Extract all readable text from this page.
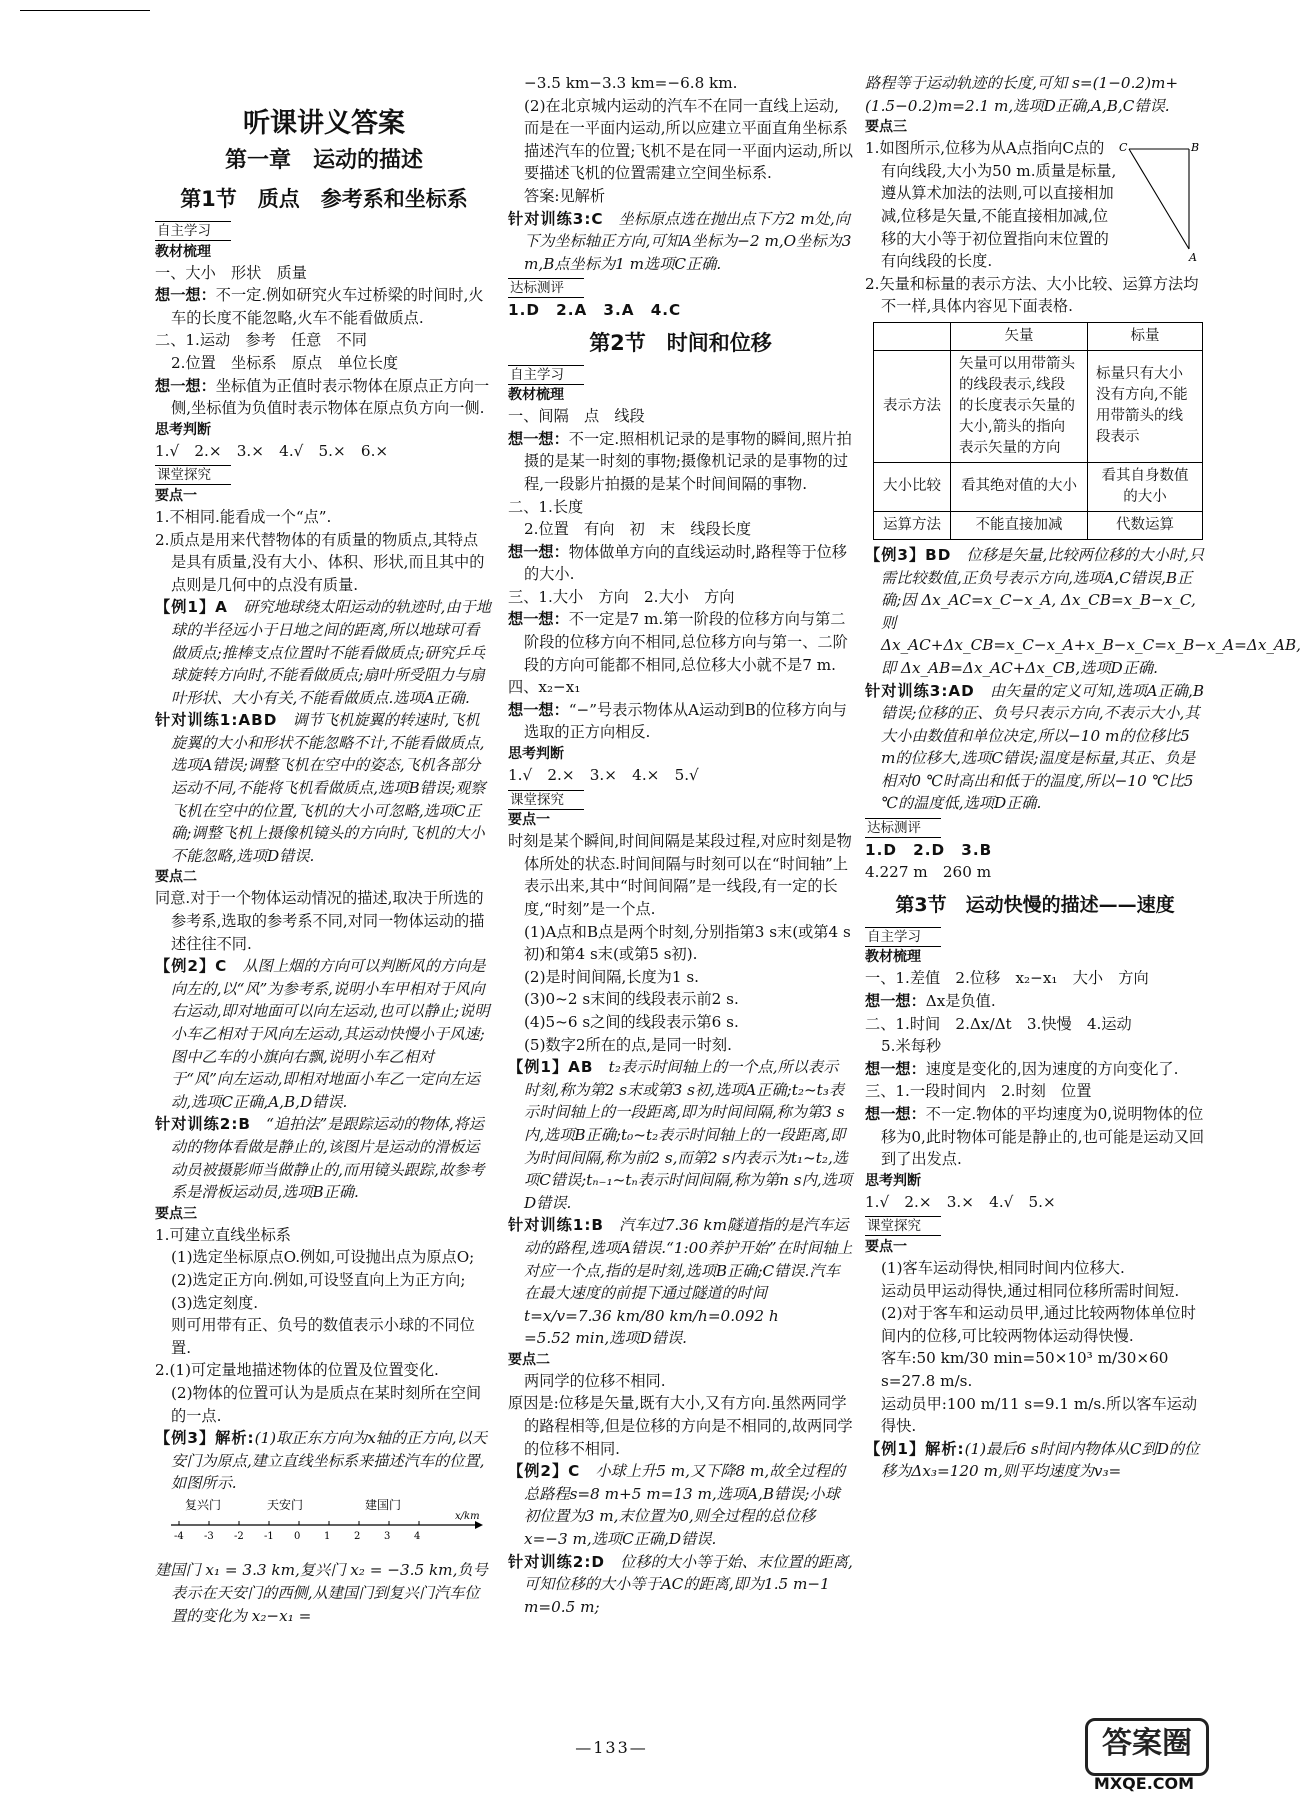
听课讲义答案

第一章　运动的描述

第1节　质点　参考系和坐标系

自主学习

教材梳理

一、大小　形状　质量

想一想：不一定.例如研究火车过桥梁的时间时,火车的长度不能忽略,火车不能看做质点.

二、1.运动　参考　任意　不同

2.位置　坐标系　原点　单位长度

想一想：坐标值为正值时表示物体在原点正方向一侧,坐标值为负值时表示物体在原点负方向一侧.

思考判断

1.√　2.×　3.×　4.√　5.×　6.×

课堂探究

要点一

1.不相同.能看成一个“点”.

2.质点是用来代替物体的有质量的物质点,其特点是具有质量,没有大小、体积、形状,而且其中的点则是几何中的点没有质量.

【例1】A　 研究地球绕太阳运动的轨迹时,由于地球的半径远小于日地之间的距离,所以地球可看做质点;推棒支点位置时不能看做质点;研究乒乓球旋转方向时,不能看做质点;扇叶所受阻力与扇叶形状、大小有关,不能看做质点.选项A正确.

针对训练1:ABD　 调节飞机旋翼的转速时,飞机旋翼的大小和形状不能忽略不计,不能看做质点,选项A错误;调整飞机在空中的姿态,飞机各部分运动不同,不能将飞机看做质点,选项B错误;观察飞机在空中的位置,飞机的大小可忽略,选项C正确;调整飞机上摄像机镜头的方向时,飞机的大小不能忽略,选项D错误.

要点二

同意.对于一个物体运动情况的描述,取决于所选的参考系,选取的参考系不同,对同一物体运动的描述往往不同.

【例2】C　 从图上烟的方向可以判断风的方向是向左的,以“风”为参考系,说明小车甲相对于风向右运动,即对地面可以向左运动,也可以静止;说明小车乙相对于风向左运动,其运动快慢小于风速;图中乙车的小旗向右飘,说明小车乙相对于“风”向左运动,即相对地面小车乙一定向左运动,选项C正确,A,B,D错误.

针对训练2:B　 “追拍法”是跟踪运动的物体,将运动的物体看做是静止的,该图片是运动的滑板运动员被摄影师当做静止的,而用镜头跟踪,故参考系是滑板运动员,选项B正确.

要点三

1.可建立直线坐标系

(1)选定坐标原点O.例如,可设抛出点为原点O;

(2)选定正方向.例如,可设竖直向上为正方向;

(3)选定刻度.

则可用带有正、负号的数值表示小球的不同位置.

2.(1)可定量地描述物体的位置及位置变化.

(2)物体的位置可认为是质点在某时刻所在空间的一点.

【例3】解析:(1)取正东方向为x轴的正方向,以天安门为原点,建立直线坐标系来描述汽车的位置,如图所示.

复兴门	天安门	建国门
-4 -3 -2 -1 0 1 2 3 4
x/km

建国门 x₁ = 3.3 km,复兴门 x₂ = −3.5 km,负号表示在天安门的西侧,从建国门到复兴门汽车位置的变化为 x₂−x₁ =

−3.5 km−3.3 km=−6.8 km.

(2)在北京城内运动的汽车不在同一直线上运动,而是在一平面内运动,所以应建立平面直角坐标系描述汽车的位置;飞机不是在同一平面内运动,所以要描述飞机的位置需建立空间坐标系.

答案:见解析

针对训练3:C　 坐标原点选在抛出点下方2 m处,向下为坐标轴正方向,可知A坐标为−2 m,O坐标为3 m,B点坐标为1 m选项C正确.

达标测评

1.D　2.A　3.A　4.C

第2节　时间和位移

自主学习

教材梳理

一、间隔　点　线段

想一想：不一定.照相机记录的是事物的瞬间,照片拍摄的是某一时刻的事物;摄像机记录的是事物的过程,一段影片拍摄的是某个时间间隔的事物.

二、1.长度

2.位置　有向　初　末　线段长度

想一想：物体做单方向的直线运动时,路程等于位移的大小.

三、1.大小　方向　2.大小　方向

想一想：不一定是7 m.第一阶段的位移方向与第二阶段的位移方向不相同,总位移方向与第一、二阶段的方向可能都不相同,总位移大小就不是7 m.

四、x₂−x₁

想一想：“−”号表示物体从A运动到B的位移方向与选取的正方向相反.

思考判断

1.√　2.×　3.×　4.×　5.√

课堂探究

要点一

时刻是某个瞬间,时间间隔是某段过程,对应时刻是物体所处的状态.时间间隔与时刻可以在“时间轴”上表示出来,其中“时间间隔”是一线段,有一定的长度,“时刻”是一个点.

(1)A点和B点是两个时刻,分别指第3 s末(或第4 s初)和第4 s末(或第5 s初).

(2)是时间间隔,长度为1 s.

(3)0~2 s末间的线段表示前2 s.

(4)5~6 s之间的线段表示第6 s.

(5)数字2所在的点,是同一时刻.

【例1】AB　 t₂表示时间轴上的一个点,所以表示时刻,称为第2 s末或第3 s初,选项A正确;t₂~t₃表示时间轴上的一段距离,即为时间间隔,称为第3 s内,选项B正确;t₀~t₂表示时间轴上的一段距离,即为时间间隔,称为前2 s,而第2 s内表示为t₁~t₂,选项C错误;tₙ₋₁~tₙ表示时间间隔,称为第n s内,选项D错误.

针对训练1:B　 汽车过7.36 km隧道指的是汽车运动的路程,选项A错误.“1:00养护开始”在时间轴上对应一个点,指的是时刻,选项B正确;C错误.汽车在最大速度的前提下通过隧道的时间

t=x/v=7.36 km/80 km/h=0.092 h

=5.52 min,选项D错误.

要点二

两同学的位移不相同.

原因是:位移是矢量,既有大小,又有方向.虽然两同学的路程相等,但是位移的方向是不相同的,故两同学的位移不相同.

【例2】C　 小球上升5 m,又下降8 m,故全过程的总路程s=8 m+5 m=13 m,选项A,B错误;小球初位置为3 m,末位置为0,则全过程的总位移x=−3 m,选项C正确,D错误.

针对训练2:D　 位移的大小等于始、末位置的距离,可知位移的大小等于AC的距离,即为1.5 m−1 m=0.5 m;

路程等于运动轨迹的长度,可知 s=(1−0.2)m+(1.5−0.2)m=2.1 m,选项D正确,A,B,C错误.

要点三

1.如图所示,位移为从A点指向C点的有向线段,大小为50 m.质量是标量,遵从算术加法的法则,可以直接相加减,位移是矢量,不能直接相加减,位移的大小等于初位置指向末位置的有向线段的长度.

C	B
A

2.矢量和标量的表示方法、大小比较、运算方法均不一样,具体内容见下面表格.

	矢量	标量
表示方法	矢量可以用带箭头的线段表示,线段的长度表示矢量的大小,箭头的指向表示矢量的方向	标量只有大小没有方向,不能用带箭头的线段表示
大小比较	看其绝对值的大小	看其自身数值的大小
运算方法	不能直接加减	代数运算

【例3】BD　 位移是矢量,比较两位移的大小时,只需比较数值,正负号表示方向,选项A,C错误,B正确;因 Δx_AC=x_C−x_A, Δx_CB=x_B−x_C,则 Δx_AC+Δx_CB=x_C−x_A+x_B−x_C=x_B−x_A=Δx_AB,即 Δx_AB=Δx_AC+Δx_CB,选项D正确.

针对训练3:AD　 由矢量的定义可知,选项A正确,B错误;位移的正、负号只表示方向,不表示大小,其大小由数值和单位决定,所以−10 m的位移比5 m的位移大,选项C错误;温度是标量,其正、负是相对0 ℃时高出和低于的温度,所以−10 ℃比5 ℃的温度低,选项D正确.

达标测评

1.D　2.D　3.B

4.227 m　260 m

第3节　运动快慢的描述——速度

自主学习

教材梳理

一、1.差值　2.位移　x₂−x₁　大小　方向

想一想：Δx是负值.

二、1.时间　2.Δx/Δt　3.快慢　4.运动

5.米每秒

想一想：速度是变化的,因为速度的方向变化了.

三、1.一段时间内　2.时刻　位置

想一想：不一定.物体的平均速度为0,说明物体的位移为0,此时物体可能是静止的,也可能是运动又回到了出发点.

思考判断

1.√　2.×　3.×　4.√　5.×

课堂探究

要点一

(1)客车运动得快,相同时间内位移大.

运动员甲运动得快,通过相同位移所需时间短.

(2)对于客车和运动员甲,通过比较两物体单位时间内的位移,可比较两物体运动得快慢.

客车:50 km/30 min=50×10³ m/30×60 s=27.8 m/s.

运动员甲:100 m/11 s=9.1 m/s.所以客车运动得快.

【例1】解析:(1)最后6 s时间内物体从C到D的位移为Δx₃=120 m,则平均速度为v₃=

—133—	答案圈
MXQE.COM
